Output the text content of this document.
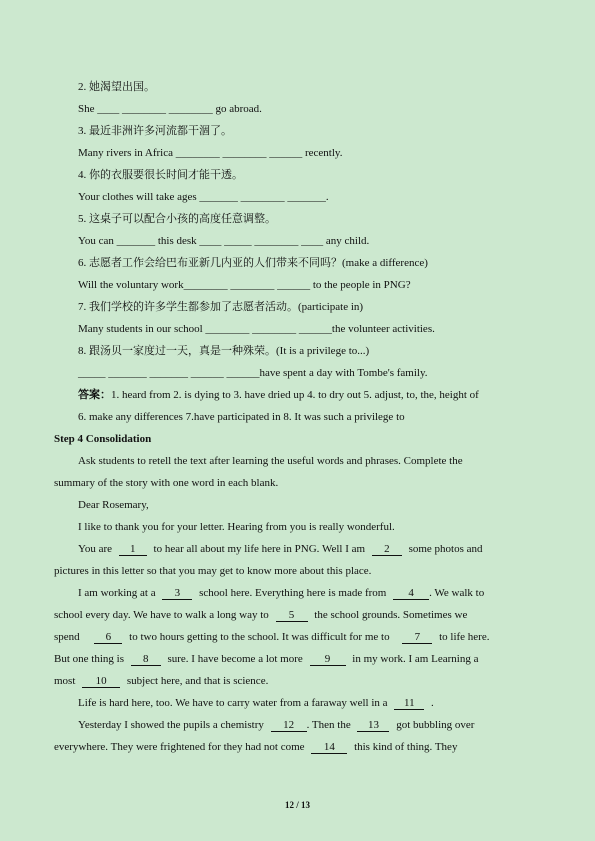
2. 她渴望出国。
She ____ ________ ________ go abroad.
3. 最近非洲许多河流都干涸了。
Many rivers in Africa ________ ________ ______ recently.
4. 你的衣服要很长时间才能干透。
Your clothes will take ages _______ ________ _______.
5. 这桌子可以配合小孩的高度任意调整。
You can _______ this desk ____ _____ ________ ____ any child.
6. 志愿者工作会给巴布亚新几内亚的人们带来不同吗？(make a difference)
Will the voluntary work________ ________ ______ to the people in PNG?
7. 我们学校的许多学生都参加了志愿者活动。(participate in)
Many students in our school ________ ________ ______the volunteer activities.
8. 跟汤贝一家度过一天，真是一种殊荣。(It is a privilege to...)
_____ _______ _______ ______ ______have spent a day with Tombe's family.
答案：1. heard from 2. is dying to 3. have dried up 4. to dry out 5. adjust, to, the, height of
6. make any differences 7.have participated in 8. It was such a privilege to
Step 4 Consolidation
Ask students to retell the text after learning the useful words and phrases. Complete the
summary of the story with one word in each blank.
Dear Rosemary,
I like to thank you for your letter. Hearing from you is really wonderful.
You are 1 to hear all about my life here in PNG. Well I am 2 some photos and
pictures in this letter so that you may get to know more about this place.
I am working at a 3 school here. Everything here is made from 4 . We walk to
school every day. We have to walk a long way to 5 the school grounds. Sometimes we
spend 6 to two hours getting to the school. It was difficult for me to 7 to life here.
But one thing is 8 sure. I have become a lot more 9 in my work. I am Learning a
most 10 subject here, and that is science.
Life is hard here, too. We have to carry water from a faraway well in a 11 .
Yesterday I showed the pupils a chemistry 12 . Then the 13 got bubbling over
everywhere. They were frightened for they had not come 14 this kind of thing. They
12 / 13
